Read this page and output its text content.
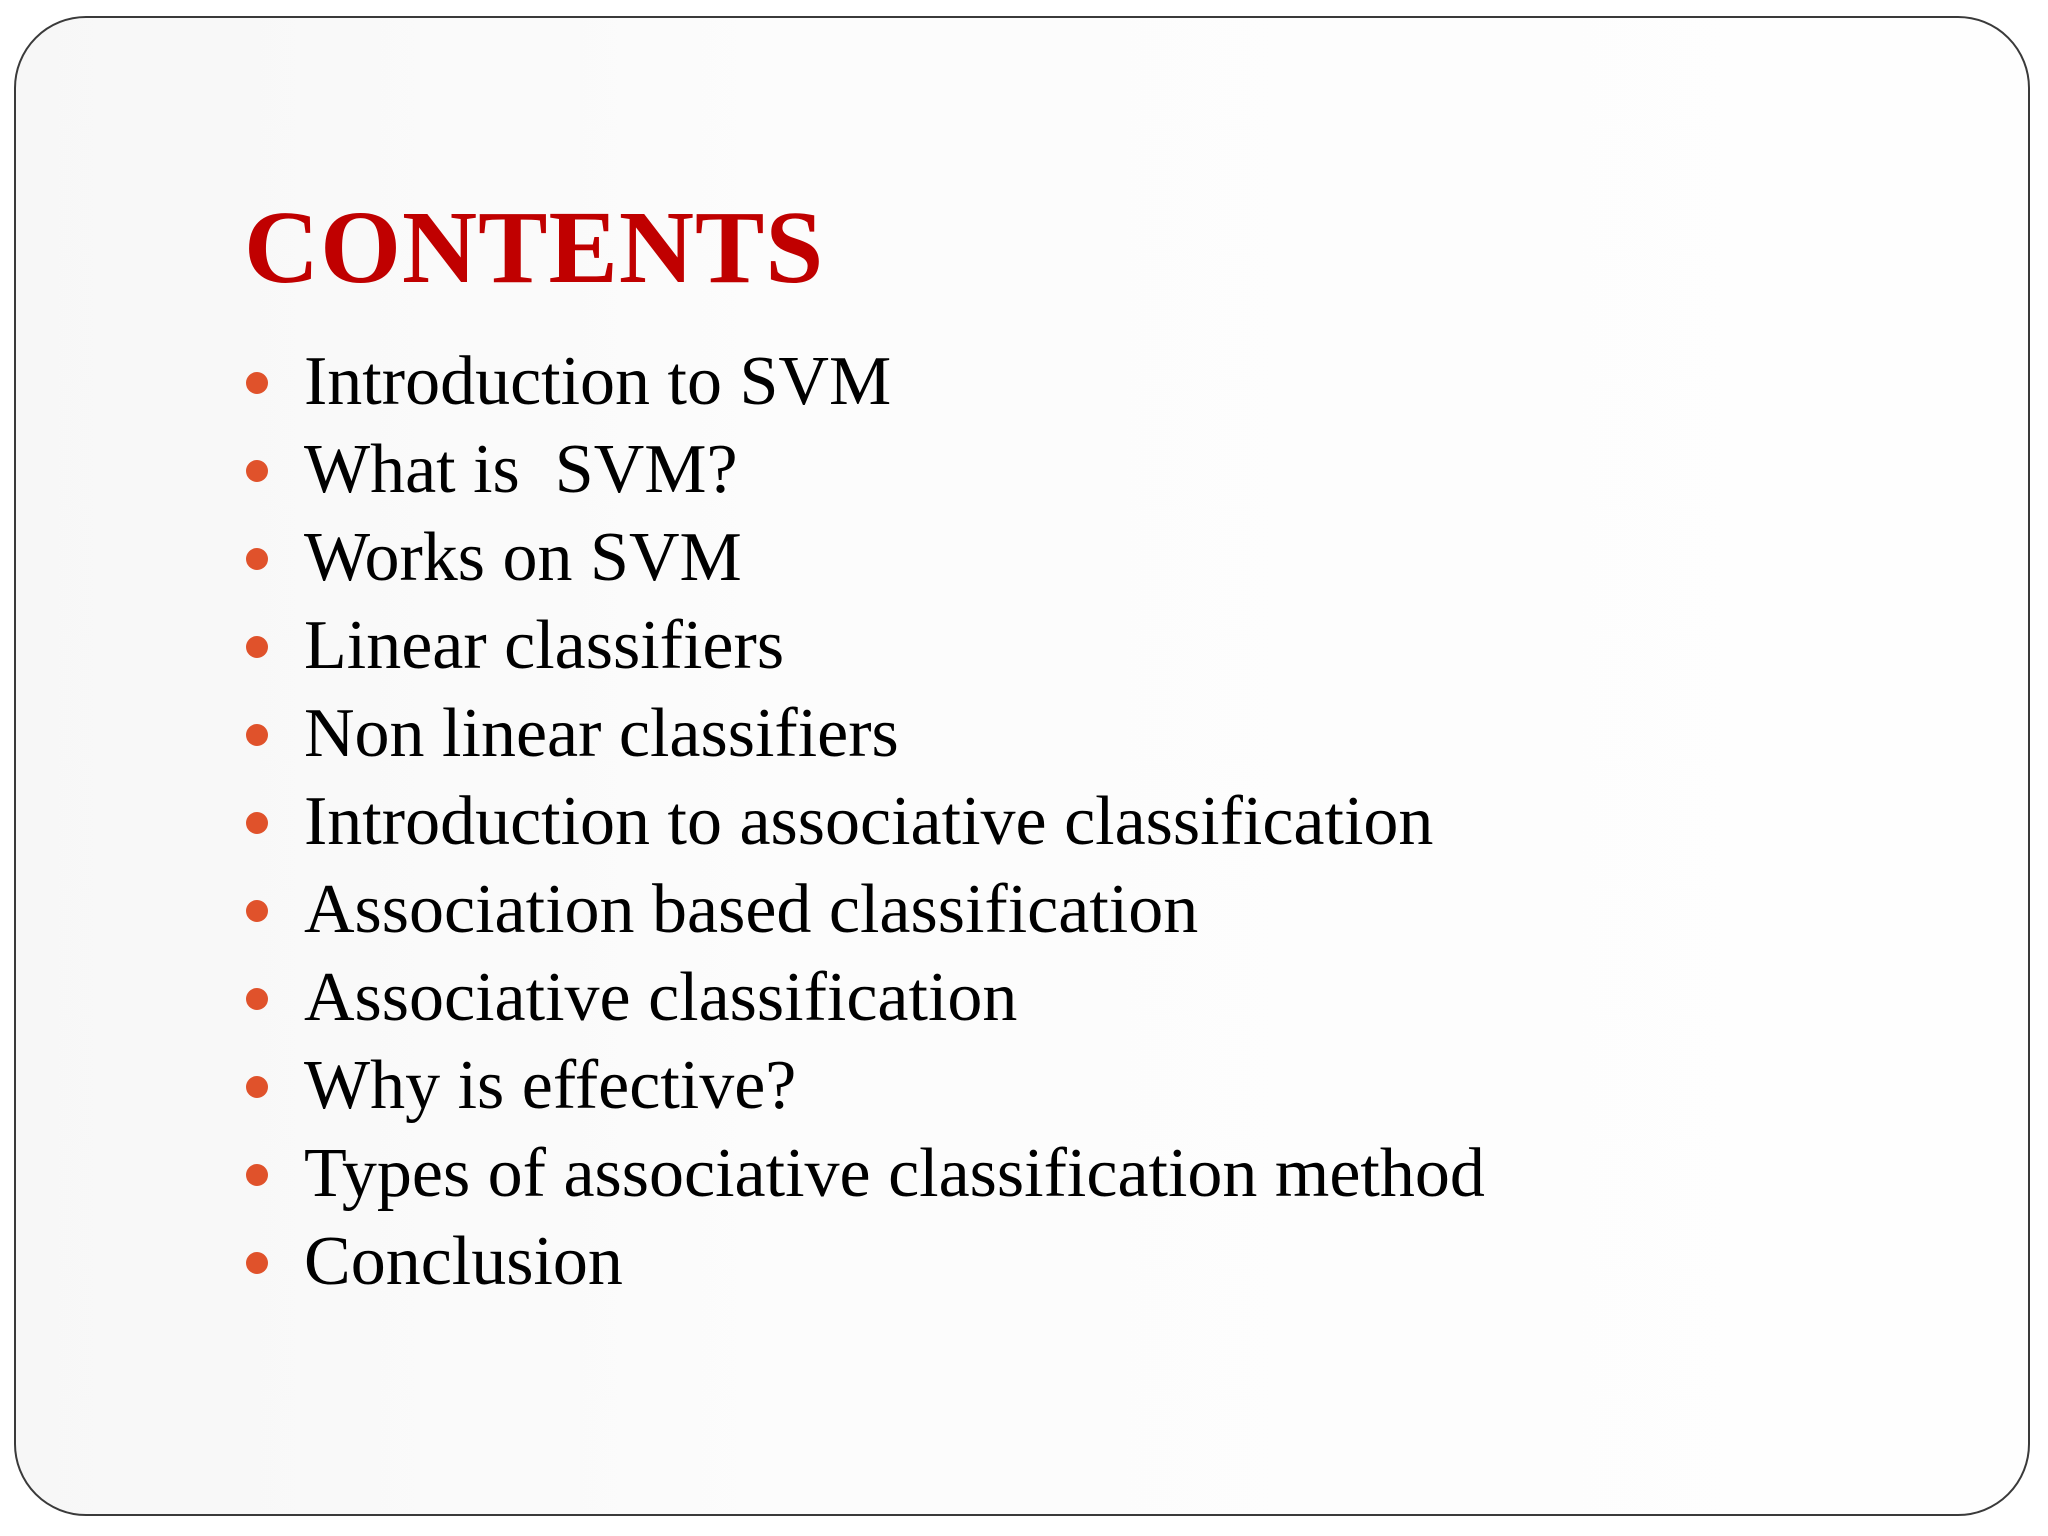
CONTENTS
Introduction to SVM
What is  SVM?
Works on SVM
Linear classifiers
Non linear classifiers
Introduction to associative classification
Association based classification
Associative classification
Why is effective?
Types of associative classification method
Conclusion
